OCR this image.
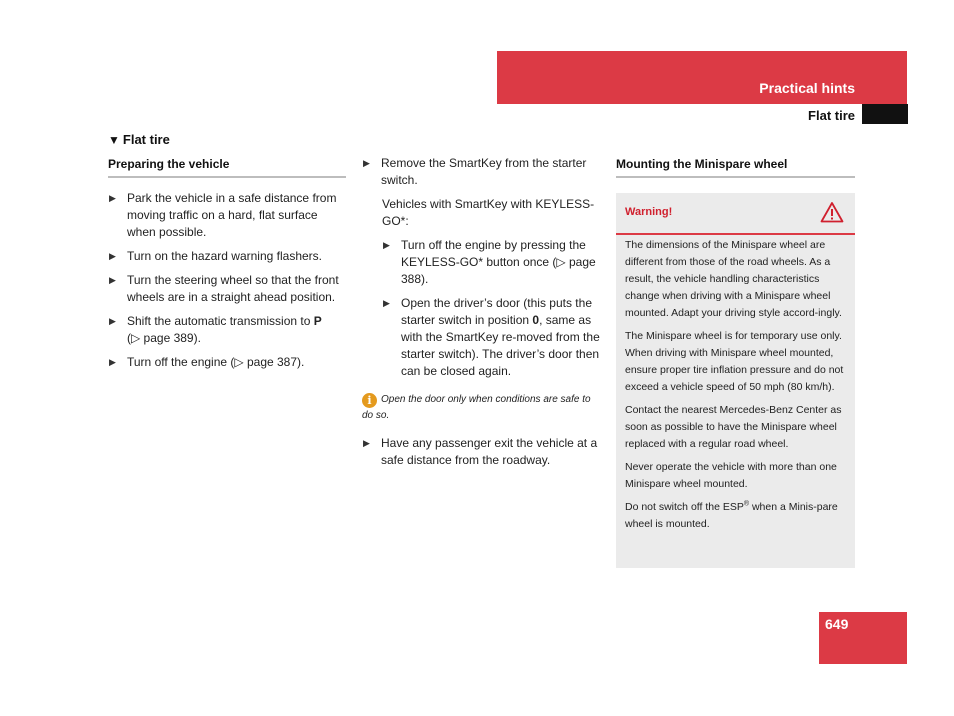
Practical hints
Flat tire
▼ Flat tire
Preparing the vehicle
▶ Park the vehicle in a safe distance from moving traffic on a hard, flat surface when possible.
▶ Turn on the hazard warning flashers.
▶ Turn the steering wheel so that the front wheels are in a straight ahead position.
▶ Shift the automatic transmission to P
(▷ page 389).
▶ Turn off the engine (▷ page 387).
▶ Remove the SmartKey from the starter switch.
Vehicles with SmartKey with KEYLESS-GO*:
▶ Turn off the engine by pressing the KEYLESS-GO* button once (▷ page 388).
▶ Open the driver’s door (this puts the starter switch in position 0, same as with the SmartKey re-moved from the starter switch). The driver’s door then can be closed again.
i Open the door only when conditions are safe to do so.
▶ Have any passenger exit the vehicle at a safe distance from the roadway.
Mounting the Minispare wheel
Warning!

The dimensions of the Minispare wheel are different from those of the road wheels. As a result, the vehicle handling characteristics change when driving with a Minispare wheel mounted. Adapt your driving style accord-ingly.

The Minispare wheel is for temporary use only. When driving with Minispare wheel mounted, ensure proper tire inflation pressure and do not exceed a vehicle speed of 50 mph (80 km/h).

Contact the nearest Mercedes-Benz Center as soon as possible to have the Minispare wheel replaced with a regular road wheel.

Never operate the vehicle with more than one Minispare wheel mounted.

Do not switch off the ESP® when a Minis-pare wheel is mounted.

649
